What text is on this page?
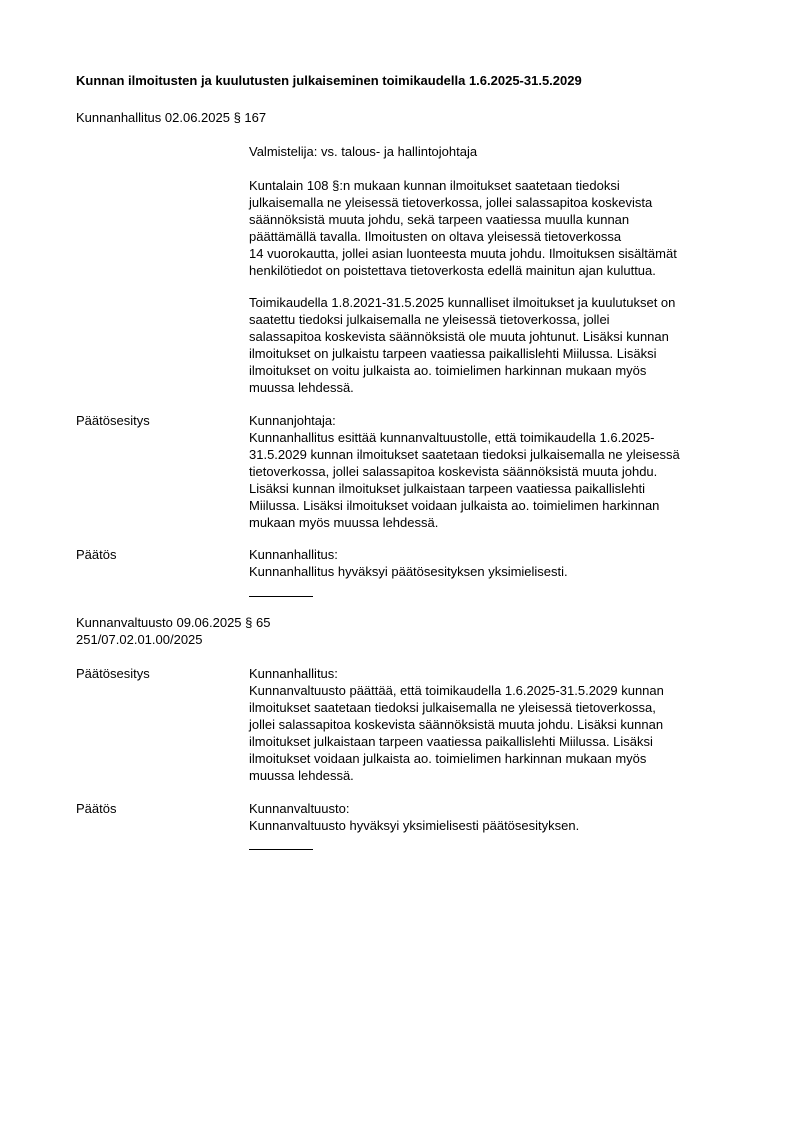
Kunnan ilmoitusten ja kuulutusten julkaiseminen toimikaudella 1.6.2025-31.5.2029
Kunnanhallitus 02.06.2025 § 167
Valmistelija: vs. talous- ja hallintojohtaja
Kuntalain 108 §:n mukaan kunnan ilmoitukset saatetaan tiedoksi
julkaisemalla ne yleisessä tietoverkossa, jollei salassapitoa koskevista
säännöksistä muuta johdu, sekä tarpeen vaatiessa muulla kunnan
päättämällä tavalla. Ilmoitusten on oltava yleisessä tietoverkossa
14 vuorokautta, jollei asian luonteesta muuta johdu. Ilmoituksen sisältämät
henkilötiedot on poistettava tietoverkosta edellä mainitun ajan kuluttua.
Toimikaudella 1.8.2021-31.5.2025 kunnalliset ilmoitukset ja kuulutukset on
saatettu tiedoksi julkaisemalla ne yleisessä tietoverkossa, jollei
salassapitoa koskevista säännöksistä ole muuta johtunut. Lisäksi kunnan
ilmoitukset on julkaistu tarpeen vaatiessa paikallislehti Miilussa. Lisäksi
ilmoitukset on voitu julkaista ao. toimielimen harkinnan mukaan myös
muussa lehdessä.
Päätösesitys	Kunnanjohtaja:
Kunnanhallitus esittää kunnanvaltuustolle, että toimikaudella 1.6.2025-
31.5.2029 kunnan ilmoitukset saatetaan tiedoksi julkaisemalla ne yleisessä
tietoverkossa, jollei salassapitoa koskevista säännöksistä muuta johdu.
Lisäksi kunnan ilmoitukset julkaistaan tarpeen vaatiessa paikallislehti
Miilussa. Lisäksi ilmoitukset voidaan julkaista ao. toimielimen harkinnan
mukaan myös muussa lehdessä.
Päätös	Kunnanhallitus:
Kunnanhallitus hyväksyi päätösesityksen yksimielisesti.
Kunnanvaltuusto 09.06.2025 § 65
251/07.02.01.00/2025
Päätösesitys	Kunnanhallitus:
Kunnanvaltuusto päättää, että toimikaudella 1.6.2025-31.5.2029 kunnan
ilmoitukset saatetaan tiedoksi julkaisemalla ne yleisessä tietoverkossa,
jollei salassapitoa koskevista säännöksistä muuta johdu. Lisäksi kunnan
ilmoitukset julkaistaan tarpeen vaatiessa paikallislehti Miilussa. Lisäksi
ilmoitukset voidaan julkaista ao. toimielimen harkinnan mukaan myös
muussa lehdessä.
Päätös	Kunnanvaltuusto:
Kunnanvaltuusto hyväksyi yksimielisesti päätösesityksen.
